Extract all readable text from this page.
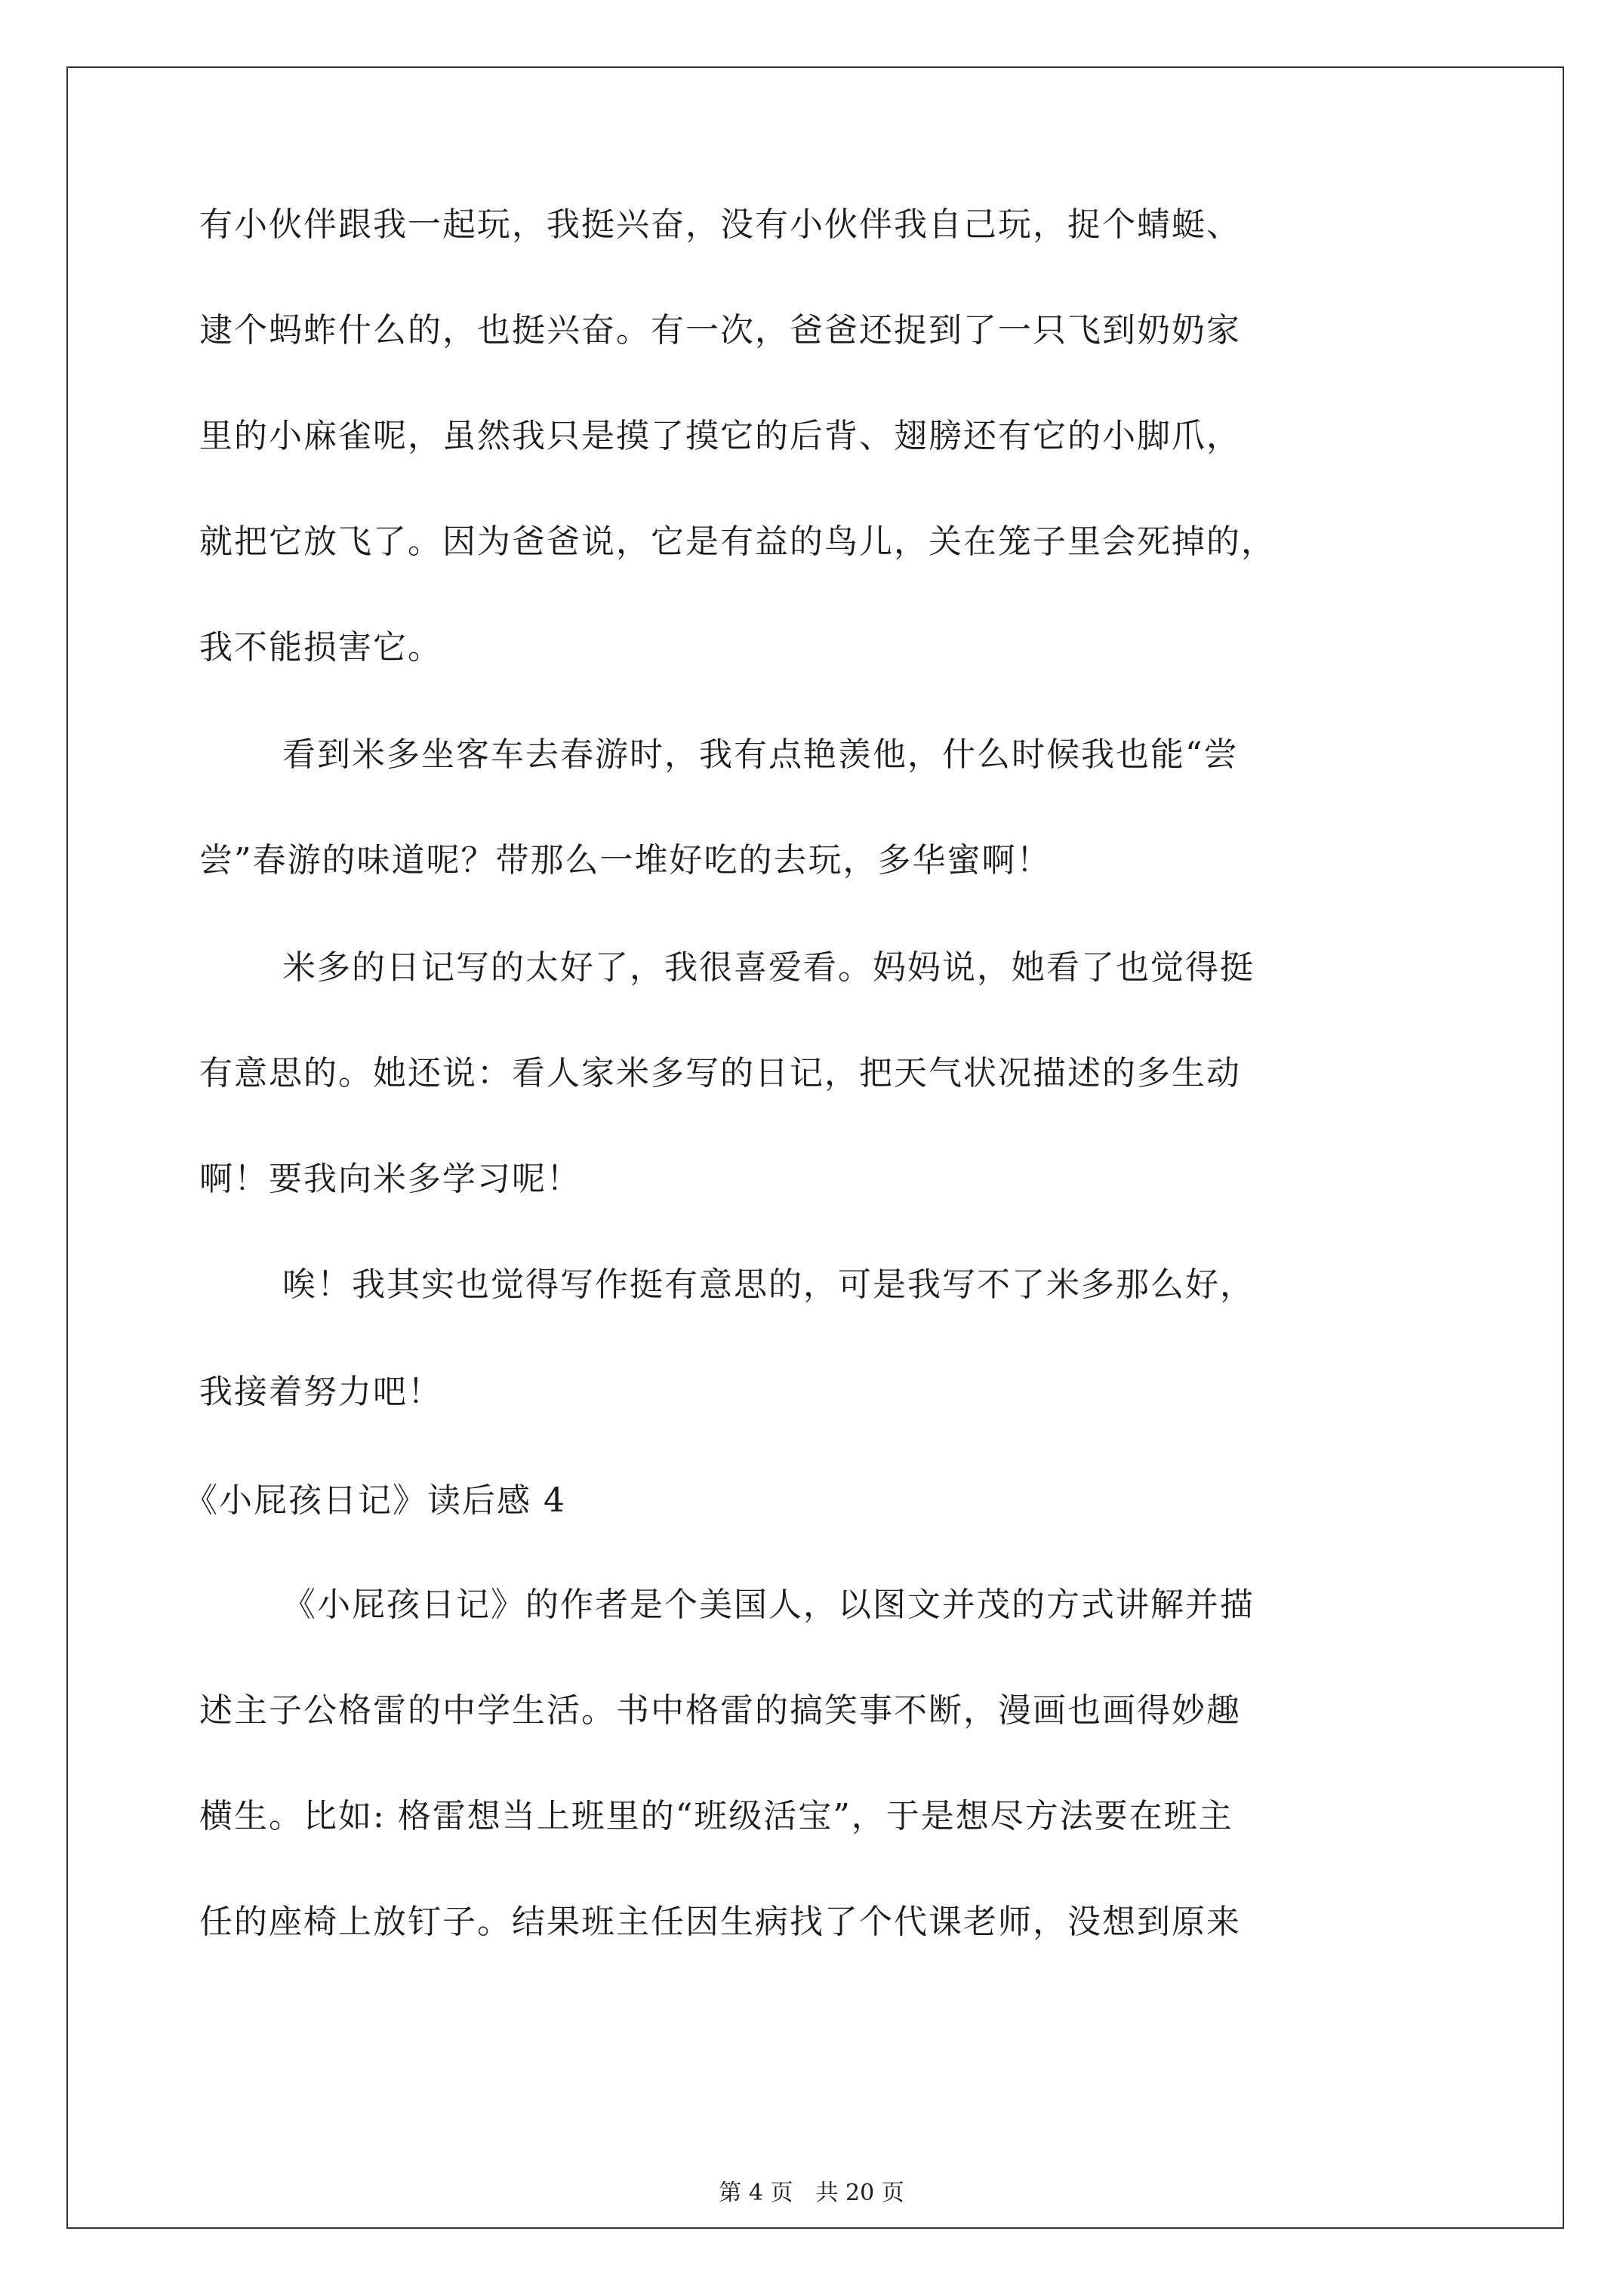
有小伙伴跟我一起玩，我挺兴奋，没有小伙伴我自己玩，捉个蜻蜓、
逮个蚂蚱什么的，也挺兴奋。有一次，爸爸还捉到了一只飞到奶奶家
里的小麻雀呢，虽然我只是摸了摸它的后背、翅膀还有它的小脚爪，
就把它放飞了。因为爸爸说，它是有益的鸟儿，关在笼子里会死掉的，
我不能损害它。
看到米多坐客车去春游时，我有点艳羡他，什么时候我也能“尝
尝”春游的味道呢？带那么一堆好吃的去玩，多华蜜啊！
米多的日记写的太好了，我很喜爱看。妈妈说，她看了也觉得挺
有意思的。她还说：看人家米多写的日记，把天气状况描述的多生动
啊！要我向米多学习呢！
唉！我其实也觉得写作挺有意思的，可是我写不了米多那么好，
我接着努力吧！
《小屁孩日记》读后感 4
《小屁孩日记》的作者是个美国人，以图文并茂的方式讲解并描
述主子公格雷的中学生活。书中格雷的搞笑事不断，漫画也画得妙趣
横生。比如: 格雷想当上班里的“班级活宝”，于是想尽方法要在班主
任的座椅上放钉子。结果班主任因生病找了个代课老师，没想到原来
第 4 页　共 20 页
